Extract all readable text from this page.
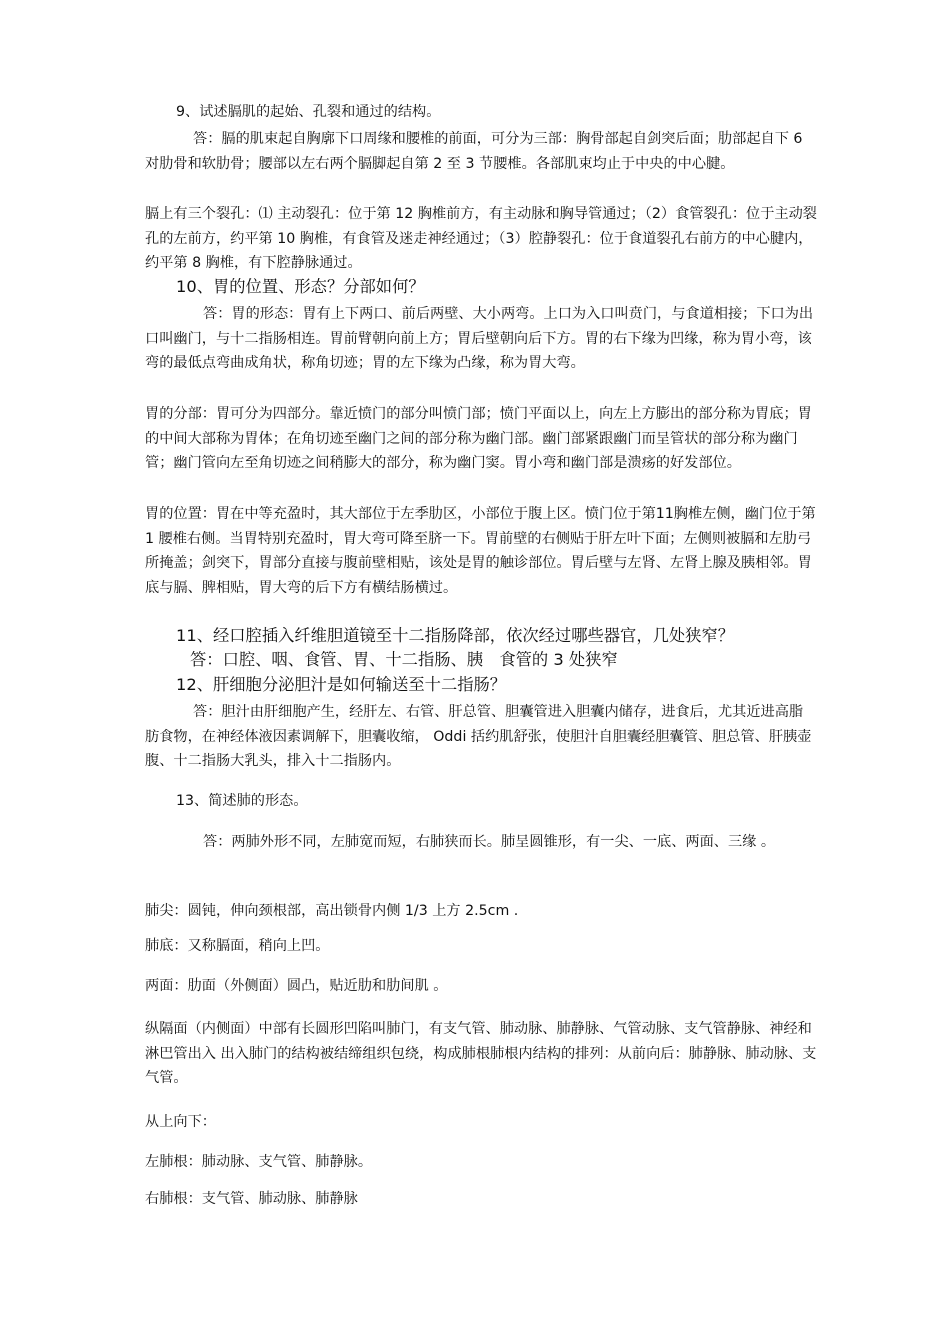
9、试述膈肌的起始、孔裂和通过的结构。

答：膈的肌束起自胸廓下口周缘和腰椎的前面，可分为三部：胸骨部起自剑突后面；肋部起自下 6 对肋骨和软肋骨；腰部以左右两个膈脚起自第 2 至 3 节腰椎。各部肌束均止于中央的中心腱。

膈上有三个裂孔：⑴ 主动裂孔：位于第 12 胸椎前方，有主动脉和胸导管通过；（2）食管裂孔：位于主动裂孔的左前方，约平第 10 胸椎，有食管及迷走神经通过；（3）腔静裂孔：位于食道裂孔右前方的中心腱内，约平第 8 胸椎，有下腔静脉通过。

10、胃的位置、形态？分部如何？

答：胃的形态：胃有上下两口、前后两壁、大小两弯。上口为入口叫贲门，与食道相接；下口为出口叫幽门，与十二指肠相连。胃前臂朝向前上方；胃后壁朝向后下方。胃的右下缘为凹缘，称为胃小弯，该弯的最低点弯曲成角状，称角切迹；胃的左下缘为凸缘，称为胃大弯。

胃的分部：胃可分为四部分。靠近愤门的部分叫愤门部；愤门平面以上，向左上方膨出的部分称为胃底；胃的中间大部称为胃体；在角切迹至幽门之间的部分称为幽门部。幽门部紧跟幽门而呈管状的部分称为幽门管；幽门管向左至角切迹之间稍膨大的部分，称为幽门窦。胃小弯和幽门部是溃疡的好发部位。

胃的位置：胃在中等充盈时，其大部位于左季肋区，小部位于腹上区。愤门位于第11胸椎左侧，幽门位于第 1 腰椎右侧。当胃特别充盈时，胃大弯可降至脐一下。胃前壁的右侧贴于肝左叶下面；左侧则被膈和左肋弓所掩盖；剑突下，胃部分直接与腹前壁相贴，该处是胃的触诊部位。胃后壁与左肾、左肾上腺及胰相邻。胃底与膈、脾相贴，胃大弯的后下方有横结肠横过。

11、经口腔插入纤维胆道镜至十二指肠降部，依次经过哪些器官，几处狭窄？

答：口腔、咽、食管、胃、十二指肠、胰　食管的 3 处狭窄

12、肝细胞分泌胆汁是如何输送至十二指肠？

答：胆汁由肝细胞产生，经肝左、右管、肝总管、胆囊管进入胆囊内储存，进食后，尤其近进高脂肪食物，在神经体液因素调解下，胆囊收缩， Oddi 括约肌舒张，使胆汁自胆囊经胆囊管、胆总管、肝胰壶腹、十二指肠大乳头，排入十二指肠内。

13、简述肺的形态。

答：两肺外形不同，左肺宽而短，右肺狭而长。肺呈圆锥形，有一尖、一底、两面、三缘 。

肺尖：圆钝，伸向颈根部，高出锁骨内侧 1/3 上方 2.5cm .

肺底：又称膈面，稍向上凹。

两面：肋面（外侧面）圆凸，贴近肋和肋间肌 。

纵隔面（内侧面）中部有长圆形凹陷叫肺门，有支气管、肺动脉、肺静脉、气管动脉、支气管静脉、神经和淋巴管出入 出入肺门的结构被结缔组织包绕，构成肺根肺根内结构的排列：从前向后：肺静脉、肺动脉、支气管。

从上向下：

左肺根：肺动脉、支气管、肺静脉。

右肺根：支气管、肺动脉、肺静脉
